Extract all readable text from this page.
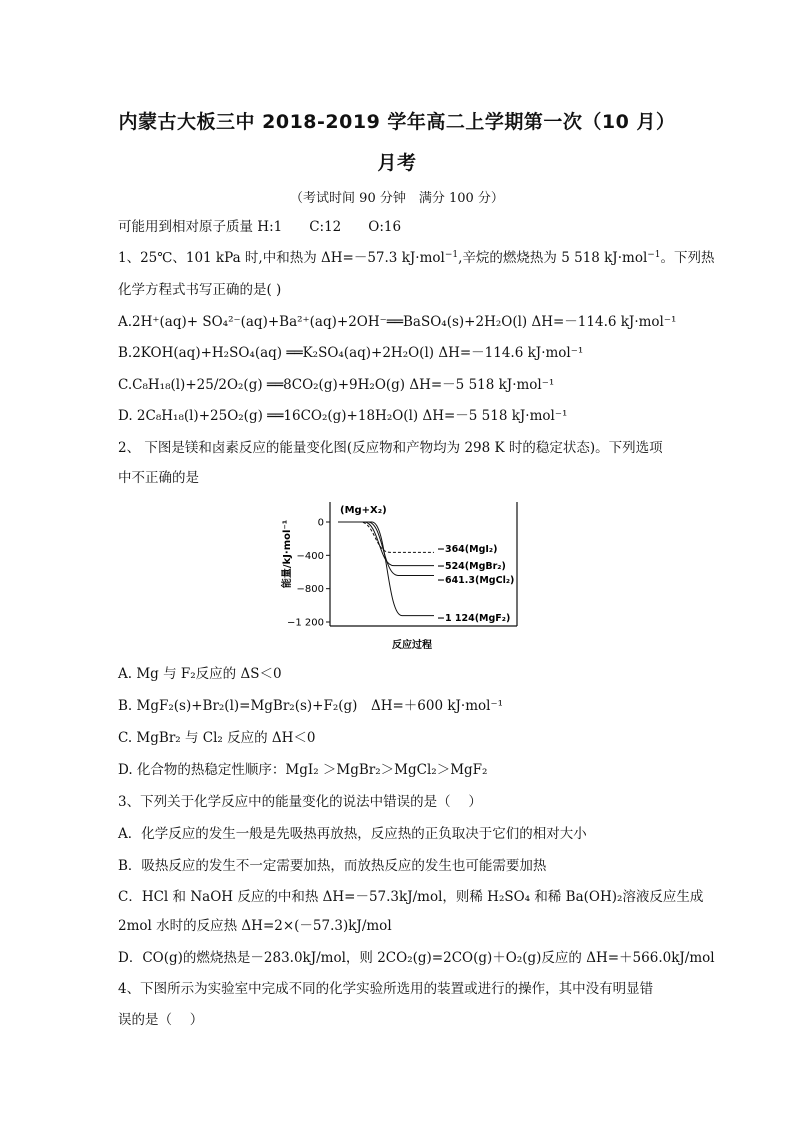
内蒙古大板三中 2018-2019 学年高二上学期第一次（10 月）
月考
（考试时间 90 分钟　满分 100 分）
可能用到相对原子质量 H:1　　C:12　　O:16
1、25℃、101 kPa 时,中和热为 ΔH=－57.3 kJ·mol$^{-1}$,辛烷的燃烧热为 5 518 kJ·mol$^{-1}$。下列热
化学方程式书写正确的是( )
A.2H⁺(aq)+ SO₄²⁻(aq)+Ba²⁺(aq)+2OH⁻══BaSO₄(s)+2H₂O(l) ΔH=－114.6 kJ·mol⁻¹
B.2KOH(aq)+H₂SO₄(aq) ══K₂SO₄(aq)+2H₂O(l) ΔH=－114.6 kJ·mol⁻¹
C.C₈H₁₈(l)+25/2O₂(g) ══8CO₂(g)+9H₂O(g) ΔH=－5 518 kJ·mol⁻¹
D. 2C₈H₁₈(l)+25O₂(g) ══16CO₂(g)+18H₂O(l) ΔH=－5 518 kJ·mol⁻¹
2、 下图是镁和卤素反应的能量变化图(反应物和产物均为 298 K 时的稳定状态)。下列选项
中不正确的是
(Mg+X₂)
能量/kJ·mol⁻¹
反应过程
0
−400
−800
−1 200
−364(MgI₂)
−524(MgBr₂)
−641.3(MgCl₂)
−1 124(MgF₂)
A. Mg 与 F₂反应的 ΔS＜0
B. MgF₂(s)+Br₂(l)=MgBr₂(s)+F₂(g)　ΔH=＋600 kJ·mol⁻¹
C. MgBr₂ 与 Cl₂ 反应的 ΔH＜0
D. 化合物的热稳定性顺序：MgI₂ ＞MgBr₂＞MgCl₂＞MgF₂
3、下列关于化学反应中的能量变化的说法中错误的是（　 ）
A．化学反应的发生一般是先吸热再放热，反应热的正负取决于它们的相对大小
B．吸热反应的发生不一定需要加热，而放热反应的发生也可能需要加热
C．HCl 和 NaOH 反应的中和热 ΔH=－57.3kJ/mol，则稀 H₂SO₄ 和稀 Ba(OH)₂溶液反应生成
2mol 水时的反应热 ΔH=2×(－57.3)kJ/mol
D．CO(g)的燃烧热是－283.0kJ/mol，则 2CO₂(g)=2CO(g)＋O₂(g)反应的 ΔH=＋566.0kJ/mol
4、下图所示为实验室中完成不同的化学实验所选用的装置或进行的操作，其中没有明显错
误的是（　 ）
